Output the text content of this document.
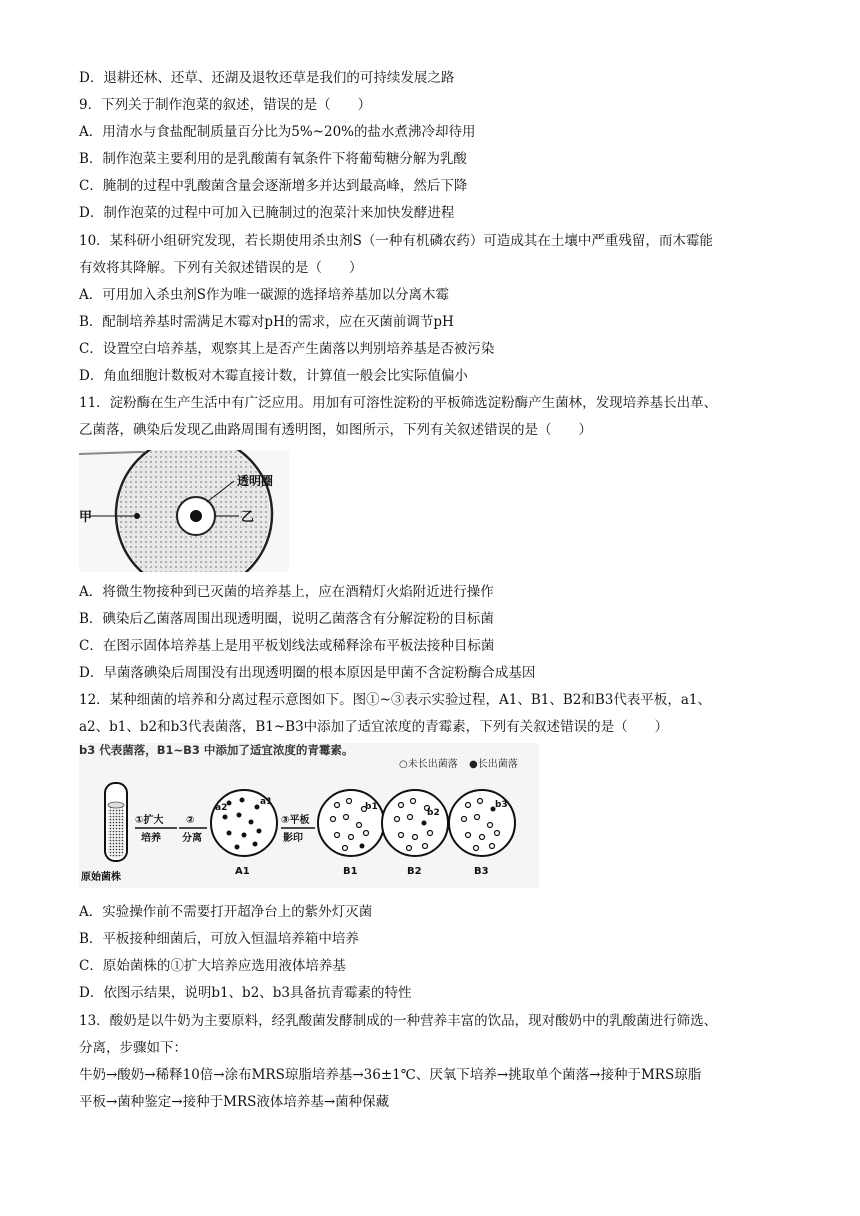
D．退耕还林、还草、还湖及退牧还草是我们的可持续发展之路
9．下列关于制作泡菜的叙述，错误的是（　　）
A．用清水与食盐配制质量百分比为5%~20%的盐水煮沸冷却待用
B．制作泡菜主要利用的是乳酸菌有氧条件下将葡萄糖分解为乳酸
C．腌制的过程中乳酸菌含量会逐渐增多并达到最高峰，然后下降
D．制作泡菜的过程中可加入已腌制过的泡菜汁来加快发酵进程
10．某科研小组研究发现，若长期使用杀虫剂S（一种有机磷农药）可造成其在土壤中严重残留，而木霉能
有效将其降解。下列有关叙述错误的是（　　）
A．可用加入杀虫剂S作为唯一碳源的选择培养基加以分离木霉
B．配制培养基时需满足木霉对pH的需求，应在灭菌前调节pH
C．设置空白培养基，观察其上是否产生菌落以判别培养基是否被污染
D．角血细胞计数板对木霉直接计数，计算值一般会比实际值偏小
11．淀粉酶在生产生活中有广泛应用。用加有可溶性淀粉的平板筛选淀粉酶产生菌林，发现培养基长出革、
乙菌落，碘染后发现乙曲路周围有透明图，如图所示，下列有关叙述错误的是（　　）
甲	乙
透明圈
A．将微生物接种到已灭菌的培养基上，应在酒精灯火焰附近进行操作
B．碘染后乙菌落周围出现透明圈，说明乙菌落含有分解淀粉的目标菌
C．在图示固体培养基上是用平板划线法或稀释涂布平板法接种目标菌
D．早菌落碘染后周围没有出现透明圈的根本原因是甲菌不含淀粉酶合成基因
12．某种细菌的培养和分离过程示意图如下。图①~③表示实验过程，A1、B1、B2和B3代表平板，a1、
a2、b1、b2和b3代表菌落，B1~B3中添加了适宜浓度的青霉素，下列有关叙述错误的是（　　）
b3 代表菌落，B1~B3 中添加了适宜浓度的青霉素。
○未长出菌落 ●长出菌落
原始菌株
①扩大
培养
②
分离
a2
a1
A1
③平板
影印
b1
B1
b2
B2
b3
B3
A．实验操作前不需要打开超净台上的紫外灯灭菌
B．平板接种细菌后，可放入恒温培养箱中培养
C．原始菌株的①扩大培养应选用液体培养基
D．依图示结果，说明b1、b2、b3具备抗青霉素的特性
13．酸奶是以牛奶为主要原料，经乳酸菌发酵制成的一种营养丰富的饮品，现对酸奶中的乳酸菌进行筛选、
分离，步骤如下：
牛奶→酸奶→稀释10倍→涂布MRS琼脂培养基→36±1℃、厌氧下培养→挑取单个菌落→接种于MRS琼脂
平板→菌种鉴定→接种于MRS液体培养基→菌种保藏
